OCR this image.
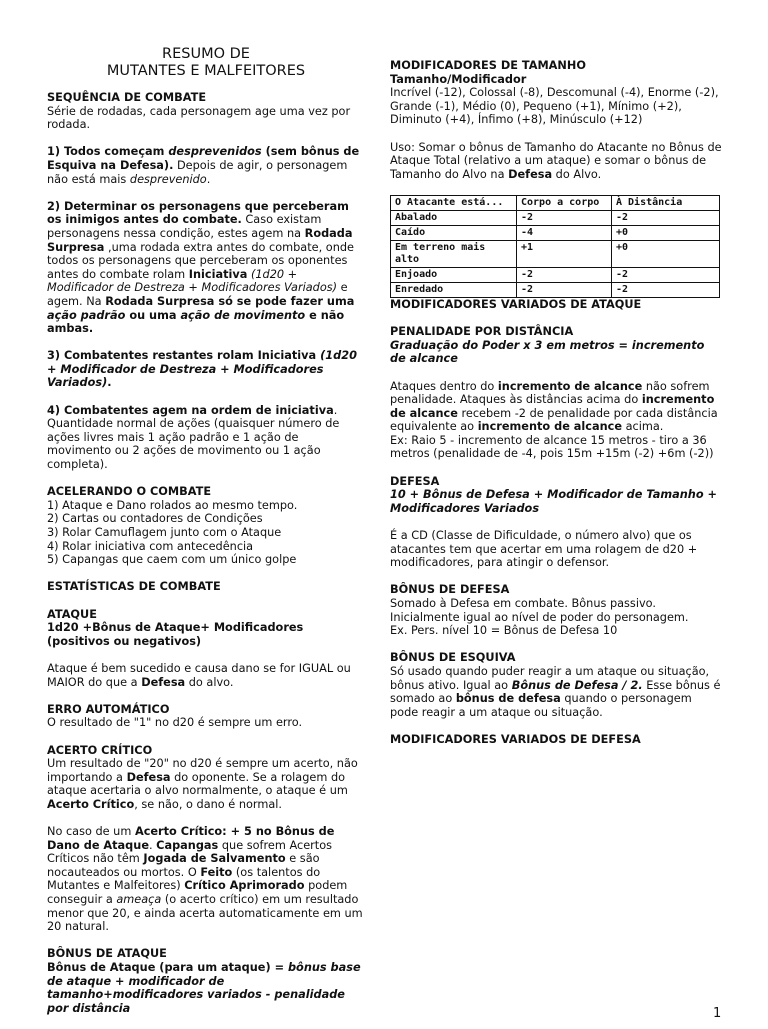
RESUMO DE
MUTANTES E MALFEITORES
SEQUÊNCIA DE COMBATE

Série de rodadas, cada personagem age uma vez por rodada.

1) Todos começam desprevenidos (sem bônus de Esquiva na Defesa). Depois de agir, o personagem não está mais desprevenido.

2) Determinar os personagens que perceberam os inimigos antes do combate. Caso existam personagens nessa condição, estes agem na Rodada Surpresa ,uma rodada extra antes do combate, onde todos os personagens que perceberam os oponentes antes do combate rolam Iniciativa (1d20 + Modificador de Destreza + Modificadores Variados) e agem. Na Rodada Surpresa só se pode fazer uma ação padrão ou uma ação de movimento e não ambas.

3) Combatentes restantes rolam Iniciativa (1d20 + Modificador de Destreza + Modificadores Variados).

4) Combatentes agem na ordem de iniciativa. Quantidade normal de ações (quaisquer número de ações livres mais 1 ação padrão e 1 ação de movimento ou 2 ações de movimento ou 1 ação completa).

ACELERANDO O COMBATE
1) Ataque e Dano rolados ao mesmo tempo.
2) Cartas ou contadores de Condições
3) Rolar Camuflagem junto com o Ataque
4) Rolar iniciativa com antecedência
5) Capangas que caem com um único golpe

ESTATÍSTICAS DE COMBATE

ATAQUE

1d20 +Bônus de Ataque+ Modificadores (positivos ou negativos)

Ataque é bem sucedido e causa dano se for IGUAL ou MAIOR do que a Defesa do alvo.

ERRO AUTOMÁTICO

O resultado de "1" no d20 é sempre um erro.

ACERTO CRÍTICO

Um resultado de "20" no d20 é sempre um acerto, não importando a Defesa do oponente. Se a rolagem do ataque acertaria o alvo normalmente, o ataque é um Acerto Crítico, se não, o dano é normal.

No caso de um Acerto Crítico: + 5 no Bônus de Dano de Ataque. Capangas que sofrem Acertos Críticos não têm Jogada de Salvamento e são nocauteados ou mortos. O Feito (os talentos do Mutantes e Malfeitores) Crítico Aprimorado podem conseguir a ameaça (o acerto crítico) em um resultado menor que 20, e ainda acerta automaticamente em um 20 natural.

BÔNUS DE ATAQUE

Bônus de Ataque (para um ataque) = bônus base de ataque + modificador de tamanho+modificadores variados - penalidade por distância

MODIFICADORES DE TAMANHO
Tamanho/Modificador

Incrível (-12), Colossal (-8), Descomunal (-4), Enorme (-2), Grande (-1), Médio (0), Pequeno (+1), Mínimo (+2), Diminuto (+4), Ínfimo (+8), Minúsculo (+12)

Uso: Somar o bônus de Tamanho do Atacante no Bônus de Ataque Total (relativo a um ataque) e somar o bônus de Tamanho do Alvo na Defesa do Alvo.

O Atacante está...	Corpo a corpo	À Distância
Abalado	-2	-2
Caído	-4	+0
Em terreno mais alto	+1	+0
Enjoado	-2	-2
Enredado	-2	-2

MODIFICADORES VARIADOS DE ATAQUE

PENALIDADE POR DISTÂNCIA

Graduação do Poder x 3 em metros = incremento de alcance

Ataques dentro do incremento de alcance não sofrem penalidade. Ataques às distâncias acima do incremento de alcance recebem -2 de penalidade por cada distância equivalente ao incremento de alcance acima.

Ex: Raio 5 - incremento de alcance 15 metros - tiro a 36 metros (penalidade de -4, pois 15m +15m (-2) +6m (-2))

DEFESA

10 + Bônus de Defesa + Modificador de Tamanho + Modificadores Variados

É a CD (Classe de Dificuldade, o número alvo) que os atacantes tem que acertar em uma rolagem de d20 + modificadores, para atingir o defensor.

BÔNUS DE DEFESA
Somado à Defesa em combate. Bônus passivo. Inicialmente igual ao nível de poder do personagem.

Ex. Pers. nível 10 = Bônus de Defesa 10

BÔNUS DE ESQUIVA

Só usado quando puder reagir a um ataque ou situação, bônus ativo. Igual ao Bônus de Defesa / 2. Esse bônus é somado ao bônus de defesa quando o personagem pode reagir a um ataque ou situação.

MODIFICADORES VARIADOS DE DEFESA
1
